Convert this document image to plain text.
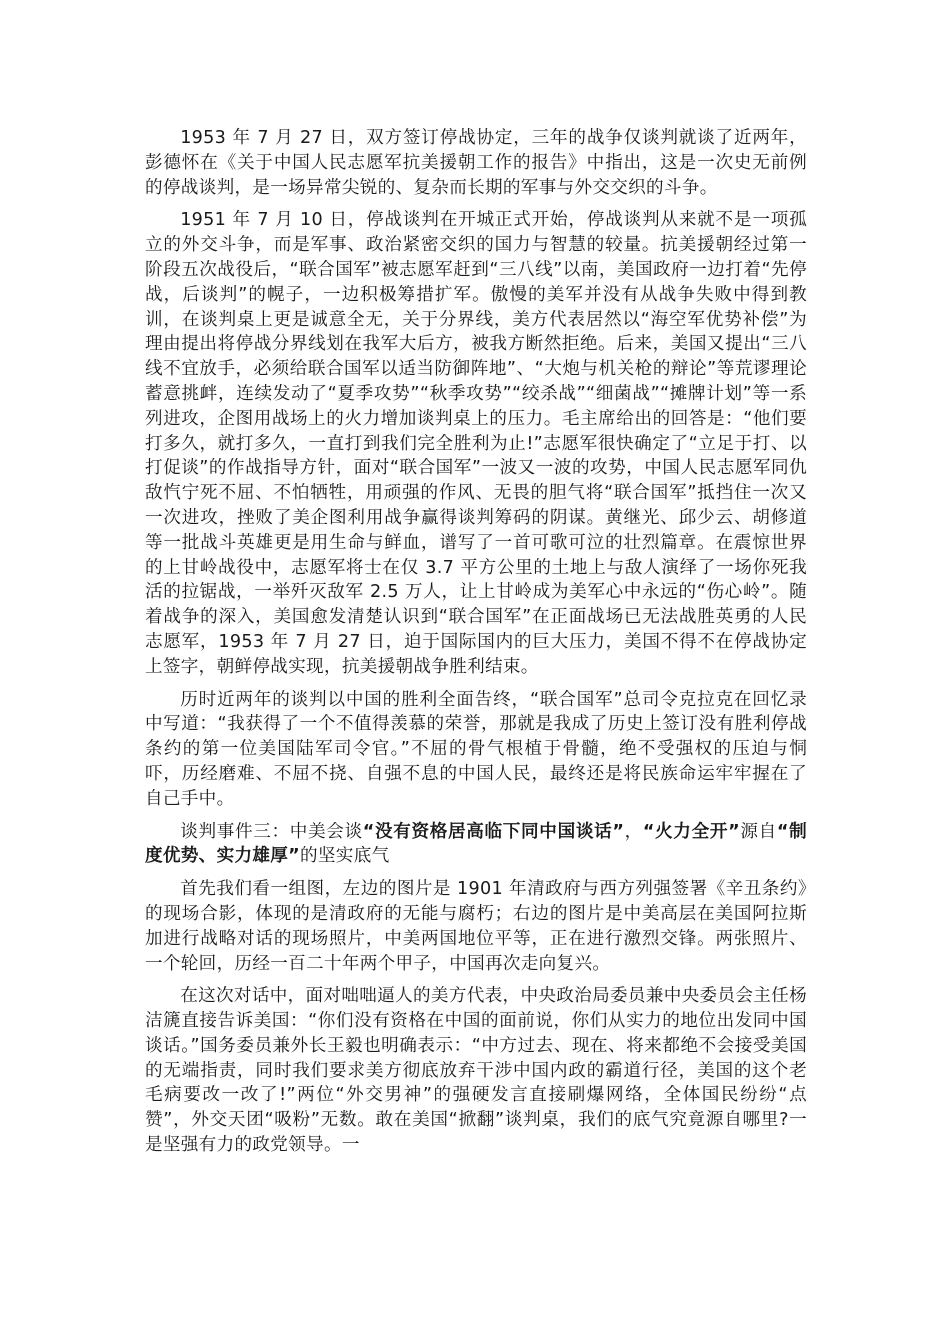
1953 年 7 月 27 日，双方签订停战协定，三年的战争仅谈判就谈了近两年，彭德怀在《关于中国人民志愿军抗美援朝工作的报告》中指出，这是一次史无前例的停战谈判，是一场异常尖锐的、复杂而长期的军事与外交交织的斗争。

1951 年 7 月 10 日，停战谈判在开城正式开始，停战谈判从来就不是一项孤立的外交斗争，而是军事、政治紧密交织的国力与智慧的较量。抗美援朝经过第一阶段五次战役后，“联合国军”被志愿军赶到“三八线”以南，美国政府一边打着“先停战，后谈判”的幌子，一边积极筹措扩军。傲慢的美军并没有从战争失败中得到教训，在谈判桌上更是诚意全无，关于分界线，美方代表居然以“海空军优势补偿”为理由提出将停战分界线划在我军大后方，被我方断然拒绝。后来，美国又提出“三八线不宜放手，必须给联合国军以适当防御阵地”、“大炮与机关枪的辩论”等荒谬理论蓄意挑衅，连续发动了“夏季攻势”“秋季攻势”“绞杀战”“细菌战”“摊牌计划”等一系列进攻，企图用战场上的火力增加谈判桌上的压力。毛主席给出的回答是：“他们要打多久，就打多久，一直打到我们完全胜利为止!”志愿军很快确定了“立足于打、以打促谈”的作战指导方针，面对“联合国军”一波又一波的攻势，中国人民志愿军同仇敌忾宁死不屈、不怕牺牲，用顽强的作风、无畏的胆气将“联合国军”抵挡住一次又一次进攻，挫败了美企图利用战争赢得谈判筹码的阴谋。黄继光、邱少云、胡修道等一批战斗英雄更是用生命与鲜血，谱写了一首可歌可泣的壮烈篇章。在震惊世界的上甘岭战役中，志愿军将士在仅 3.7 平方公里的土地上与敌人演绎了一场你死我活的拉锯战，一举歼灭敌军 2.5 万人，让上甘岭成为美军心中永远的“伤心岭”。随着战争的深入，美国愈发清楚认识到“联合国军”在正面战场已无法战胜英勇的人民志愿军，1953 年 7 月 27 日，迫于国际国内的巨大压力，美国不得不在停战协定上签字，朝鲜停战实现，抗美援朝战争胜利结束。

历时近两年的谈判以中国的胜利全面告终，“联合国军”总司令克拉克在回忆录中写道：“我获得了一个不值得羡慕的荣誉，那就是我成了历史上签订没有胜利停战条约的第一位美国陆军司令官。”不屈的骨气根植于骨髓，绝不受强权的压迫与恫吓，历经磨难、不屈不挠、自强不息的中国人民，最终还是将民族命运牢牢握在了自己手中。

谈判事件三：中美会谈“没有资格居高临下同中国谈话”，“火力全开”源自“制度优势、实力雄厚”的坚实底气

首先我们看一组图，左边的图片是 1901 年清政府与西方列强签署《辛丑条约》的现场合影，体现的是清政府的无能与腐朽；右边的图片是中美高层在美国阿拉斯加进行战略对话的现场照片，中美两国地位平等，正在进行激烈交锋。两张照片、一个轮回，历经一百二十年两个甲子，中国再次走向复兴。

在这次对话中，面对咄咄逼人的美方代表，中央政治局委员兼中央委员会主任杨洁篪直接告诉美国：“你们没有资格在中国的面前说，你们从实力的地位出发同中国谈话。”国务委员兼外长王毅也明确表示：“中方过去、现在、将来都绝不会接受美国的无端指责，同时我们要求美方彻底放弃干涉中国内政的霸道行径，美国的这个老毛病要改一改了!”两位“外交男神”的强硬发言直接刷爆网络，全体国民纷纷“点赞”，外交天团“吸粉”无数。敢在美国“掀翻”谈判桌，我们的底气究竟源自哪里?一是坚强有力的政党领导。一
